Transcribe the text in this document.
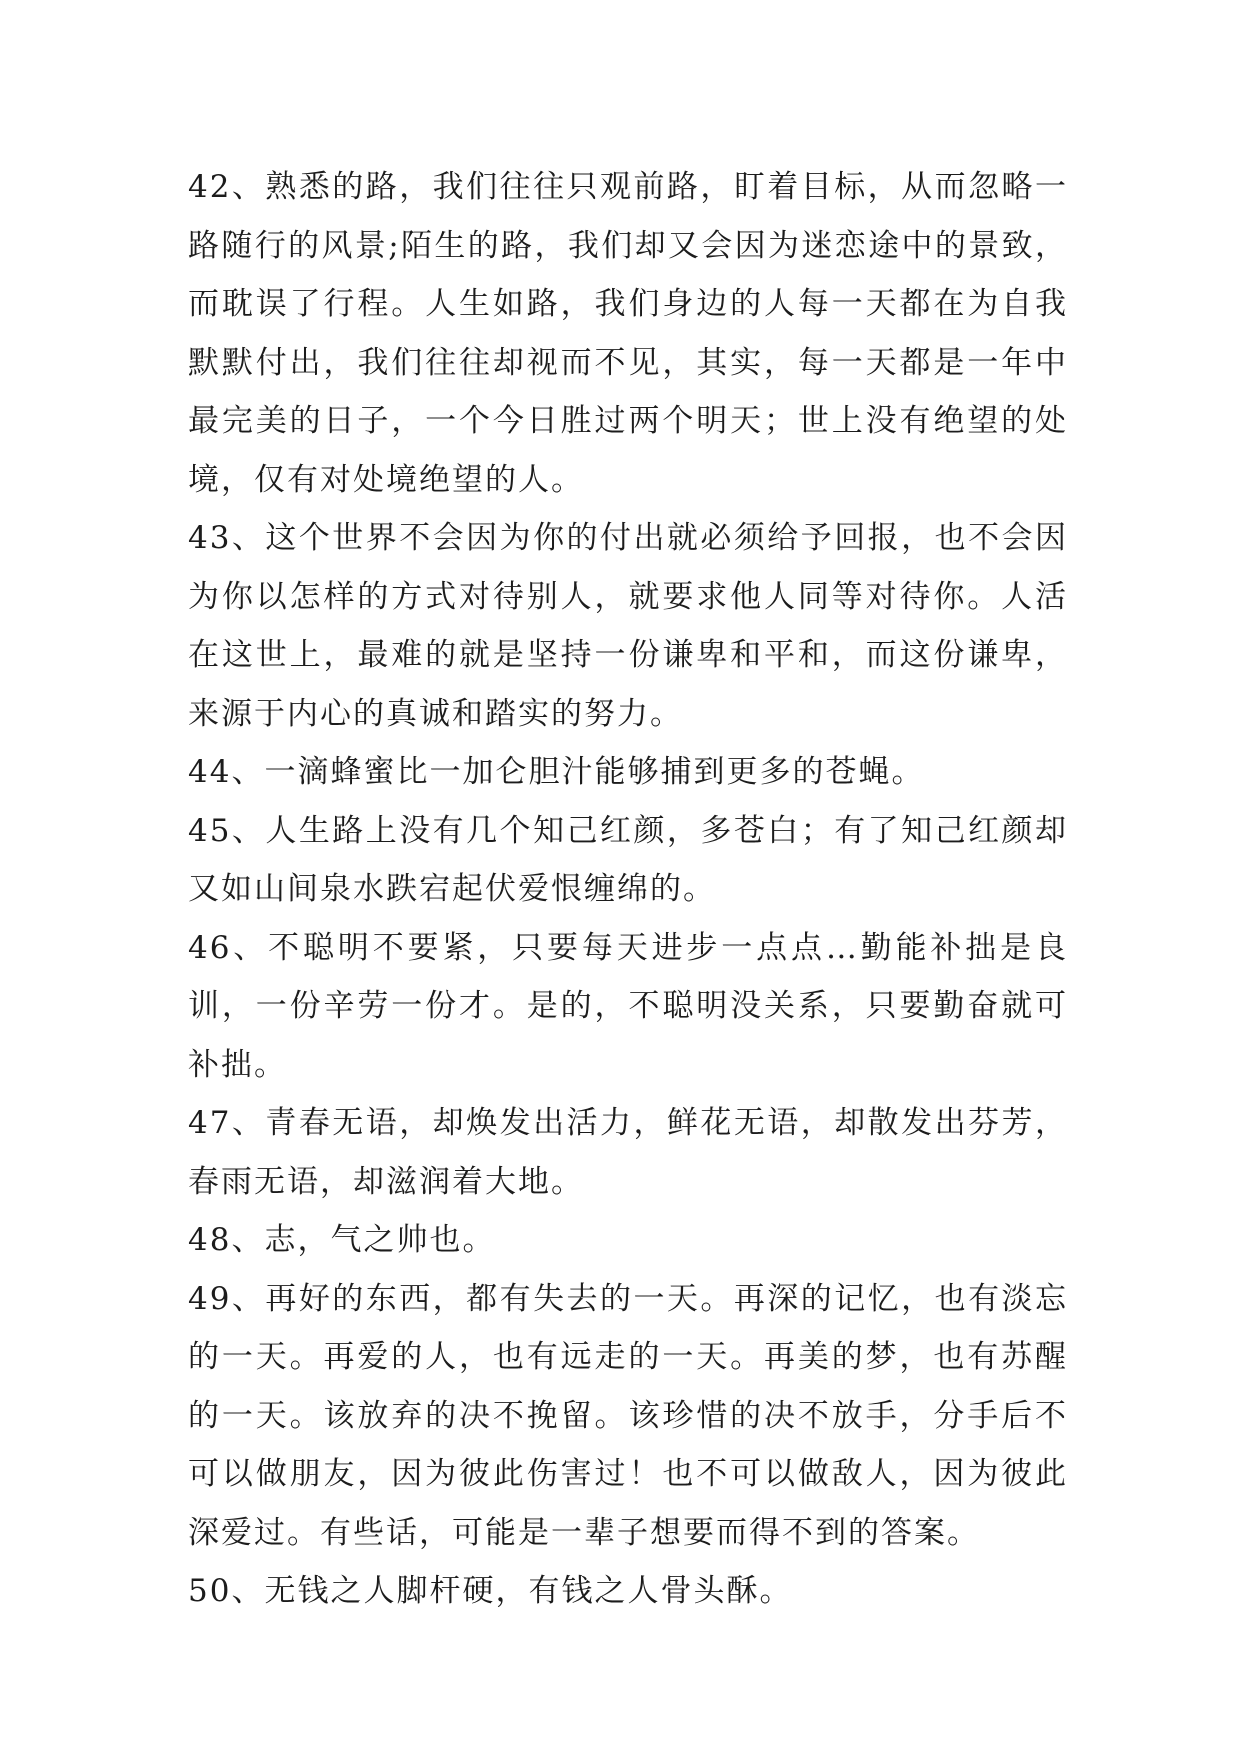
42、熟悉的路，我们往往只观前路，盯着目标，从而忽略一路随行的风景;陌生的路，我们却又会因为迷恋途中的景致，而耽误了行程。人生如路，我们身边的人每一天都在为自我默默付出，我们往往却视而不见，其实，每一天都是一年中最完美的日子，一个今日胜过两个明天；世上没有绝望的处境，仅有对处境绝望的人。

43、这个世界不会因为你的付出就必须给予回报，也不会因为你以怎样的方式对待别人，就要求他人同等对待你。人活在这世上，最难的就是坚持一份谦卑和平和，而这份谦卑，来源于内心的真诚和踏实的努力。

44、一滴蜂蜜比一加仑胆汁能够捕到更多的苍蝇。

45、人生路上没有几个知己红颜，多苍白；有了知己红颜却又如山间泉水跌宕起伏爱恨缠绵的。

46、不聪明不要紧，只要每天进步一点点…勤能补拙是良训，一份辛劳一份才。是的，不聪明没关系，只要勤奋就可补拙。

47、青春无语，却焕发出活力，鲜花无语，却散发出芬芳，春雨无语，却滋润着大地。

48、志，气之帅也。

49、再好的东西，都有失去的一天。再深的记忆，也有淡忘的一天。再爱的人，也有远走的一天。再美的梦，也有苏醒的一天。该放弃的决不挽留。该珍惜的决不放手，分手后不可以做朋友，因为彼此伤害过！也不可以做敌人，因为彼此深爱过。有些话，可能是一辈子想要而得不到的答案。

50、无钱之人脚杆硬，有钱之人骨头酥。
